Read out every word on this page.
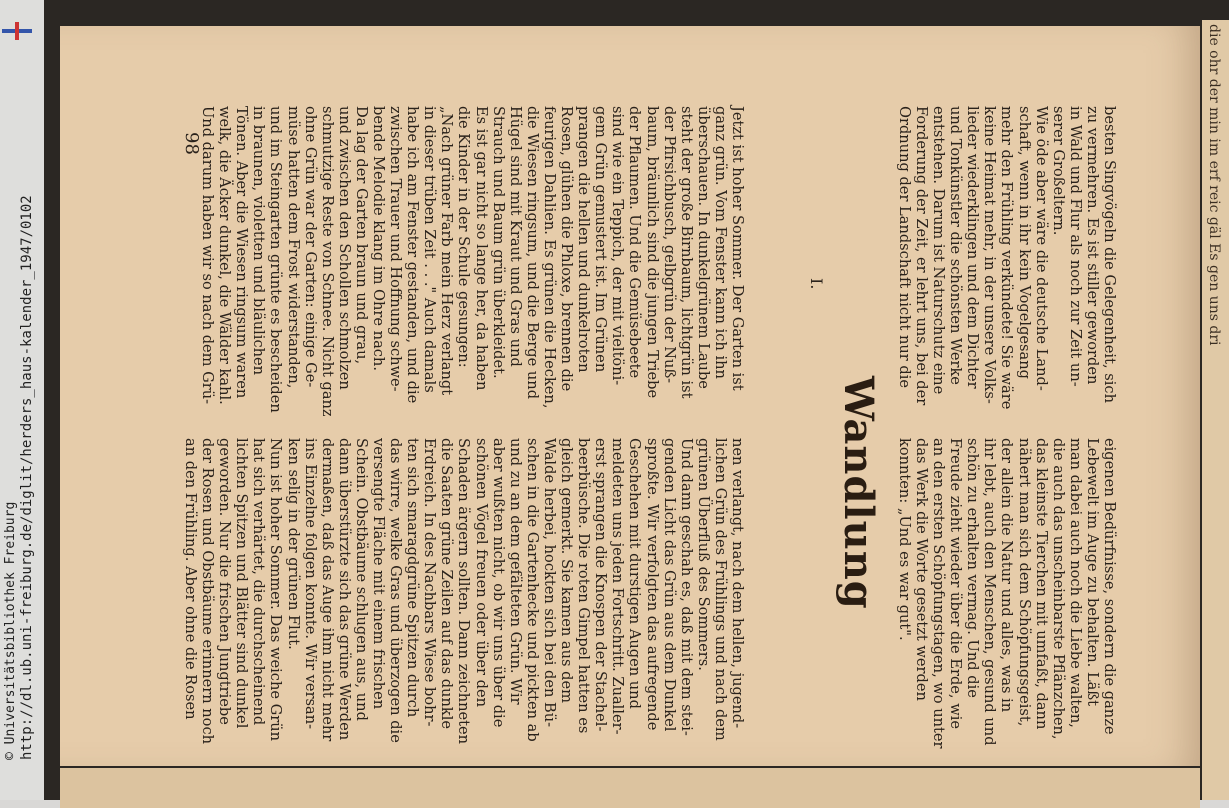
http://dl.ub.uni-freiburg.de/diglit/herders_haus-kalender_1947/0102
© Universitätsbibliothek Freiburg
98
Wandlung
I.	besten Singvögeln die Gelegenheit, sich
zu vermehren. Es ist stiller geworden
in Wald und Flur als noch zur Zeit un-
serer Großeltern.
Wie öde aber wäre die deutsche Land-
schaft, wenn in ihr kein Vogelgesang
mehr den Frühling verkündete! Sie wäre
keine Heimat mehr, in der unsere Volks-
lieder wiederklingen und dem Dichter
und Tonkünstler die schönsten Werke
entstehen. Darum ist Naturschutz eine
Forderung der Zeit, er lehrt uns, bei der
Ordnung der Landschaft nicht nur die
eigenen Bedürfnisse, sondern die ganze
Lebewelt im Auge zu behalten. Läßt
man dabei auch noch die Liebe walten,
die auch das unscheinbarste Pflänzchen,
das kleinste Tierchen mit umfaßt, dann
nähert man sich dem Schöpfungsgeist,
der allein die Natur und alles, was in
ihr lebt, auch den Menschen, gesund und
schön zu erhalten vermag. Und die
Freude zieht wieder über die Erde, wie
an den ersten Schöpfungstagen, wo unter
das Werk die Worte gesetzt werden
konnten: „Und es war gut".
Jetzt ist hoher Sommer. Der Garten ist
ganz grün. Vom Fenster kann ich ihn
überschauen. In dunkelgrünem Laube
steht der große Birnbaum, lichtgrün ist
der Pfirsichbusch, gelbgrün der Nuß-
baum, bräunlich sind die jungen Triebe
der Pflaumen. Und die Gemüsebeete
sind wie ein Teppich, der mit vieltöni-
gem Grün gemustert ist. Im Grünen
prangen die hellen und dunkelroten
Rosen, glühen die Phloxe, brennen die
feurigen Dahlien. Es grünen die Hecken,
die Wiesen ringsum, und die Berge und
Hügel sind mit Kraut und Gras und
Strauch und Baum grün überkleidet.
Es ist gar nicht so lange her, da haben
die Kinder in der Schule gesungen:
„Nach grüner Farb mein Herz verlangt
in dieser trüben Zeit . . ." Auch damals
habe ich am Fenster gestanden, und die
zwischen Trauer und Hoffnung schwe-
bende Melodie klang im Ohre nach.
Da lag der Garten braun und grau,
und zwischen den Schollen schmolzen
schmutzige Reste von Schnee. Nicht ganz
ohne Grün war der Garten: einige Ge-
müse hatten dem Frost widerstanden,
und im Steingarten grünte es bescheiden
in braunen, violetten und bläulichen
Tönen. Aber die Wiesen ringsum waren
welk, die Äcker dunkel, die Wälder kahl.
Und darum haben wir so nach dem Grü-
nen verlangt, nach dem hellen, jugend-
lichen Grün des Frühlings und nach dem
grünen Überfluß des Sommers.
Und dann geschah es, daß mit dem stei-
genden Licht das Grün aus dem Dunkel
sproßte. Wir verfolgten das aufregende
Geschehen mit durstigen Augen und
meldeten uns jeden Fortschritt. Zualler-
erst sprangen die Knospen der Stachel-
beerbüsche. Die roten Gimpel hatten es
gleich gemerkt. Sie kamen aus dem
Walde herbei, hockten sich bei den Bü-
schen in die Gartenhecke und pickten ab
und zu an dem gefälteten Grün. Wir
aber wußten nicht, ob wir uns über die
schönen Vögel freuen oder über den
Schaden ärgern sollten. Dann zeichneten
die Saaten grüne Zeilen auf das dunkle
Erdreich. In des Nachbars Wiese bohr-
ten sich smaragdgrüne Spitzen durch
das wirre, welke Gras und überzogen die
versengte Fläche mit einem frischen
Schein. Obstbäume schlugen aus, und
dann überstürzte sich das grüne Werden
dermaßen, daß das Auge ihm nicht mehr
ins Einzelne folgen konnte. Wir versan-
ken selig in der grünen Flut.
Nun ist hoher Sommer. Das weiche Grün
hat sich verhärtet, die durchscheinend
lichten Spitzen und Blätter sind dunkel
geworden. Nur die frischen Jungtriebe
der Rosen und Obstbäume erinnern noch
an den Frühling. Aber ohne die Rosen
die ohr der min im erf reic gäl Es gen uns dri
